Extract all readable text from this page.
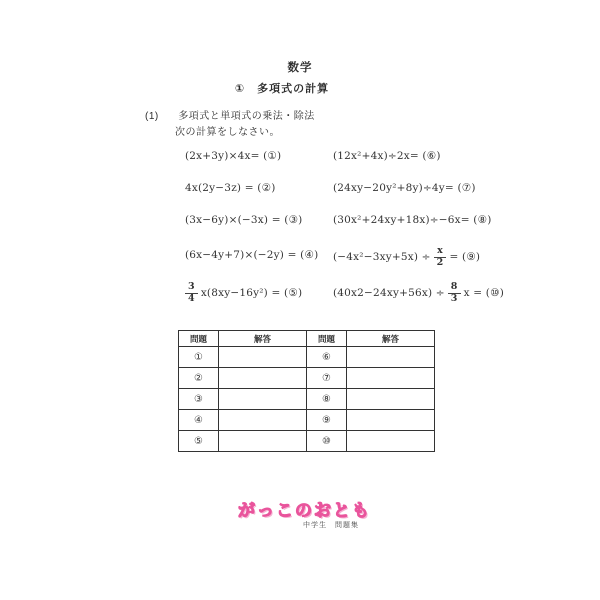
数学
①　多項式の計算
(1) 多項式と単項式の乗法・除法
次の計算をしなさい。
(2x+3y)×4x= (①)
4x(2y−3z) = (②)
(3x−6y)×(−3x) = (③)
(6x−4y+7)×(−2y) = (④)
$\frac{3}{4} x(8xy-16y^2)$ = (⑤)
(12x²+4x)÷2x= (⑥)
(24xy−20y²+8y)÷4y= (⑦)
(30x²+24xy+18x)÷−6x= (⑧)
$(-4x^2-3xy+5x) \div \frac{x}{2}$ = (⑨)
$(40x2-24xy+56x) \div \frac{8}{3}$ x = (⑩)
問題	解答	問題	解答
①		⑥	
②		⑦	
③		⑧	
④		⑨	
⑤		⑩	
がっこのおとも
中学生　問題集
